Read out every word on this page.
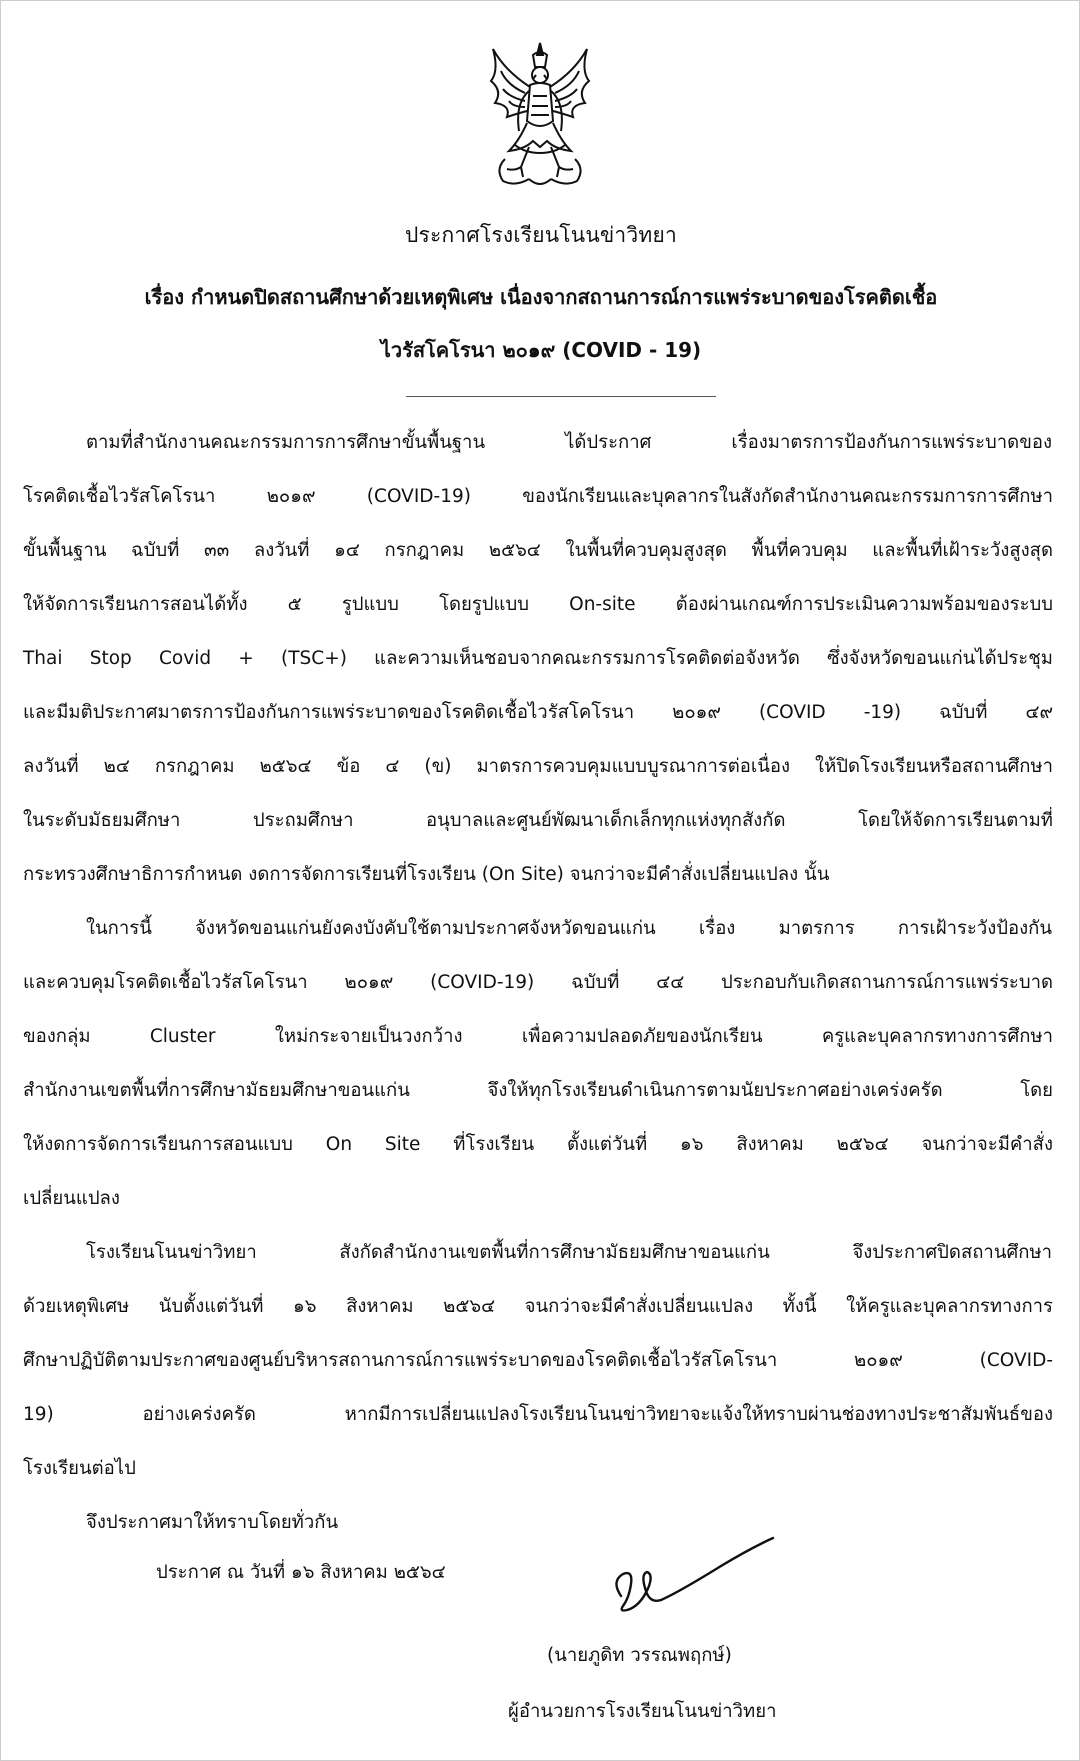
ประกาศโรงเรียนโนนข่าวิทยา
เรื่อง กำหนดปิดสถานศึกษาด้วยเหตุพิเศษ เนื่องจากสถานการณ์การแพร่ระบาดของโรคติดเชื้อ
ไวรัสโคโรนา ๒๐๑๙ (COVID - 19)
ตามที่สำนักงานคณะกรรมการการศึกษาขั้นพื้นฐาน ได้ประกาศ เรื่องมาตรการป้องกันการแพร่ระบาดของ
โรคติดเชื้อไวรัสโคโรนา ๒๐๑๙ (COVID-19) ของนักเรียนและบุคลากรในสังกัดสำนักงานคณะกรรมการการศึกษา
ขั้นพื้นฐาน ฉบับที่ ๓๓ ลงวันที่ ๑๔ กรกฎาคม ๒๕๖๔ ในพื้นที่ควบคุมสูงสุด พื้นที่ควบคุม และพื้นที่เฝ้าระวังสูงสุด
ให้จัดการเรียนการสอนได้ทั้ง ๕ รูปแบบ โดยรูปแบบ On-site ต้องผ่านเกณฑ์การประเมินความพร้อมของระบบ
Thai Stop Covid + (TSC+) และความเห็นชอบจากคณะกรรมการโรคติดต่อจังหวัด ซึ่งจังหวัดขอนแก่นได้ประชุม
และมีมติประกาศมาตรการป้องกันการแพร่ระบาดของโรคติดเชื้อไวรัสโคโรนา ๒๐๑๙ (COVID -19) ฉบับที่ ๔๙
ลงวันที่ ๒๔ กรกฎาคม ๒๕๖๔ ข้อ ๔ (ข) มาตรการควบคุมแบบบูรณาการต่อเนื่อง ให้ปิดโรงเรียนหรือสถานศึกษา
ในระดับมัธยมศึกษา ประถมศึกษา อนุบาลและศูนย์พัฒนาเด็กเล็กทุกแห่งทุกสังกัด โดยให้จัดการเรียนตามที่
กระทรวงศึกษาธิการกำหนด งดการจัดการเรียนที่โรงเรียน (On Site) จนกว่าจะมีคำสั่งเปลี่ยนแปลง นั้น
ในการนี้ จังหวัดขอนแก่นยังคงบังคับใช้ตามประกาศจังหวัดขอนแก่น เรื่อง มาตรการ การเฝ้าระวังป้องกัน
และควบคุมโรคติดเชื้อไวรัสโคโรนา ๒๐๑๙ (COVID-19) ฉบับที่ ๔๔ ประกอบกับเกิดสถานการณ์การแพร่ระบาด
ของกลุ่ม Cluster ใหม่กระจายเป็นวงกว้าง เพื่อความปลอดภัยของนักเรียน ครูและบุคลากรทางการศึกษา
สำนักงานเขตพื้นที่การศึกษามัธยมศึกษาขอนแก่น จึงให้ทุกโรงเรียนดำเนินการตามนัยประกาศอย่างเคร่งครัด โดย
ให้งดการจัดการเรียนการสอนแบบ On Site ที่โรงเรียน ตั้งแต่วันที่ ๑๖ สิงหาคม ๒๕๖๔ จนกว่าจะมีคำสั่ง
เปลี่ยนแปลง
โรงเรียนโนนข่าวิทยา สังกัดสำนักงานเขตพื้นที่การศึกษามัธยมศึกษาขอนแก่น จึงประกาศปิดสถานศึกษา
ด้วยเหตุพิเศษ นับตั้งแต่วันที่ ๑๖ สิงหาคม ๒๕๖๔ จนกว่าจะมีคำสั่งเปลี่ยนแปลง ทั้งนี้ ให้ครูและบุคลากรทางการ
ศึกษาปฏิบัติตามประกาศของศูนย์บริหารสถานการณ์การแพร่ระบาดของโรคติดเชื้อไวรัสโคโรนา ๒๐๑๙ (COVID-
19) อย่างเคร่งครัด หากมีการเปลี่ยนแปลงโรงเรียนโนนข่าวิทยาจะแจ้งให้ทราบผ่านช่องทางประชาสัมพันธ์ของ
โรงเรียนต่อไป
จึงประกาศมาให้ทราบโดยทั่วกัน
ประกาศ ณ วันที่ ๑๖ สิงหาคม ๒๕๖๔
(นายภูดิท วรรณพฤกษ์)
ผู้อำนวยการโรงเรียนโนนข่าวิทยา
